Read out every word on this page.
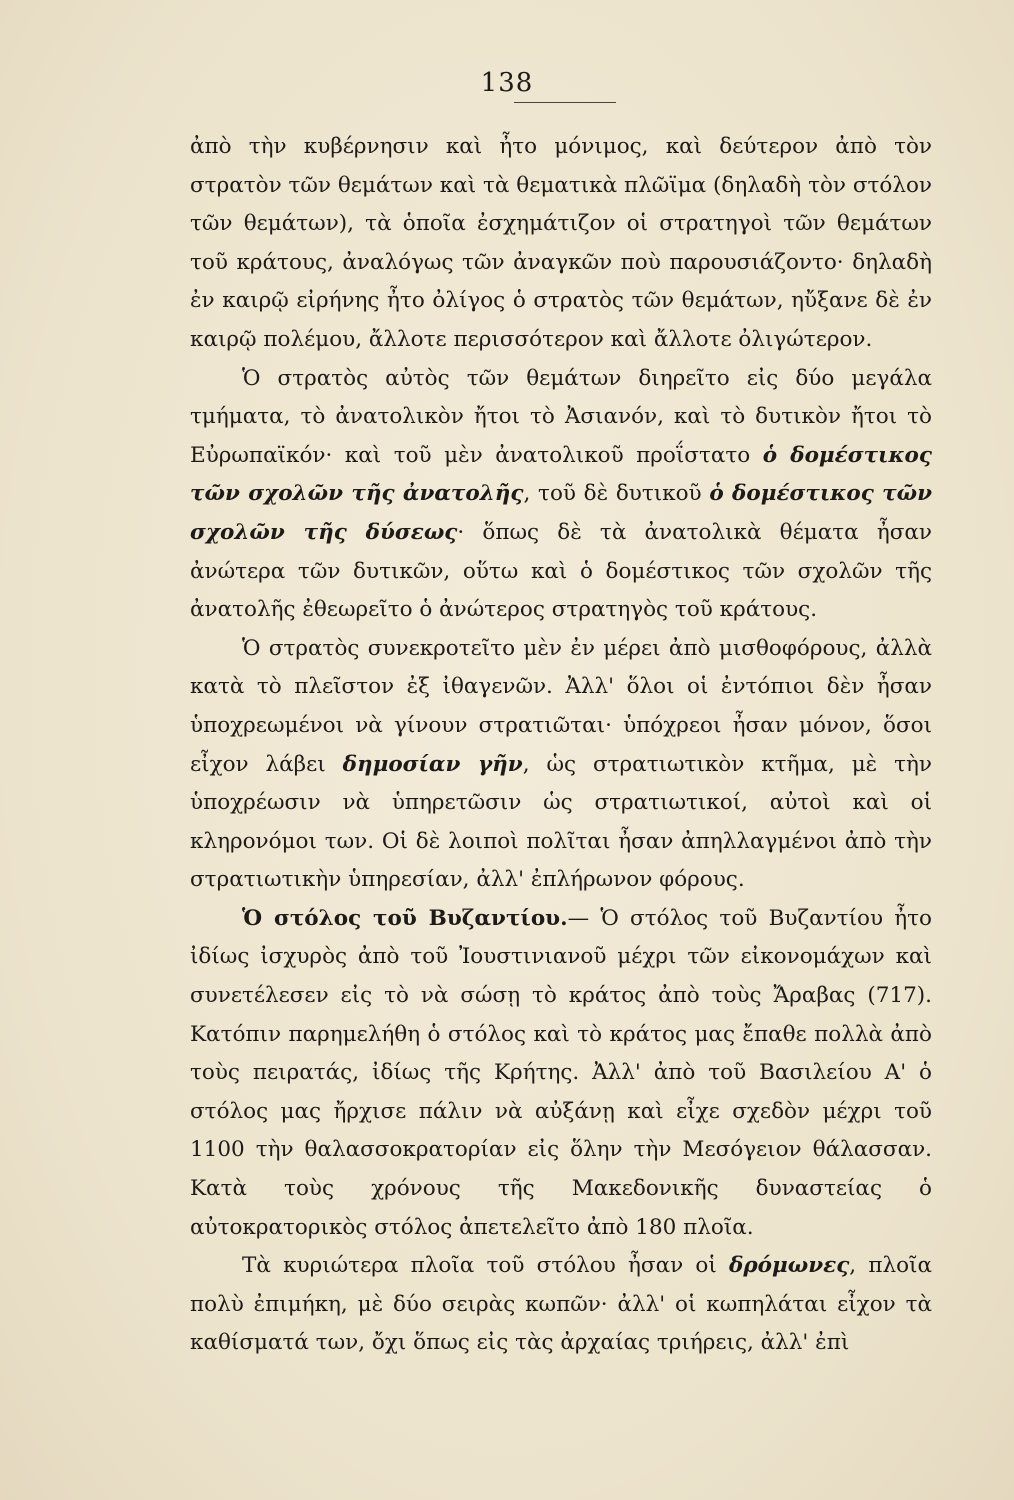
138

ἀπὸ τὴν κυβέρνησιν καὶ ἦτο μόνιμος, καὶ δεύτερον ἀπὸ τὸν στρατὸν τῶν θεμάτων καὶ τὰ θεματικὰ πλῶϊμα (δηλαδὴ τὸν στόλον τῶν θεμάτων), τὰ ὁποῖα ἐσχημάτιζον οἱ στρατηγοὶ τῶν θεμάτων τοῦ κράτους, ἀναλόγως τῶν ἀναγκῶν ποὺ παρουσιάζοντο· δηλαδὴ ἐν καιρῷ εἰρήνης ἦτο ὀλίγος ὁ στρατὸς τῶν θεμάτων, ηὔξανε δὲ ἐν καιρῷ πολέμου, ἄλλοτε περισσότερον καὶ ἄλλοτε ὀλιγώτερον.

Ὁ στρατὸς αὐτὸς τῶν θεμάτων διηρεῖτο εἰς δύο μεγάλα τμήματα, τὸ ἀνατολικὸν ἤτοι τὸ Ἀσιανόν, καὶ τὸ δυτικὸν ἤτοι τὸ Εὐρωπαϊκόν· καὶ τοῦ μὲν ἀνατολικοῦ προΐστατο ὁ δομέστικος τῶν σχολῶν τῆς ἀνατολῆς, τοῦ δὲ δυτικοῦ ὁ δομέστικος τῶν σχολῶν τῆς δύσεως· ὅπως δὲ τὰ ἀνατολικὰ θέματα ἦσαν ἀνώτερα τῶν δυτικῶν, οὕτω καὶ ὁ δομέστικος τῶν σχολῶν τῆς ἀνατολῆς ἐθεωρεῖτο ὁ ἀνώτερος στρατηγὸς τοῦ κράτους.

Ὁ στρατὸς συνεκροτεῖτο μὲν ἐν μέρει ἀπὸ μισθοφόρους, ἀλλὰ κατὰ τὸ πλεῖστον ἐξ ἰθαγενῶν. Ἀλλ' ὅλοι οἱ ἐντόπιοι δὲν ἦσαν ὑποχρεωμένοι νὰ γίνουν στρατιῶται· ὑπόχρεοι ἦσαν μόνον, ὅσοι εἶχον λάβει δημοσίαν γῆν, ὡς στρατιωτικὸν κτῆμα, μὲ τὴν ὑποχρέωσιν νὰ ὑπηρετῶσιν ὡς στρατιωτικοί, αὐτοὶ καὶ οἱ κληρονόμοι των. Οἱ δὲ λοιποὶ πολῖται ἦσαν ἀπηλλαγμένοι ἀπὸ τὴν στρατιωτικὴν ὑπηρεσίαν, ἀλλ' ἐπλήρωνον φόρους.

Ὁ στόλος τοῦ Βυζαντίου.— Ὁ στόλος τοῦ Βυζαντίου ἦτο ἰδίως ἰσχυρὸς ἀπὸ τοῦ Ἰουστινιανοῦ μέχρι τῶν εἰκονομάχων καὶ συνετέλεσεν εἰς τὸ νὰ σώσῃ τὸ κράτος ἀπὸ τοὺς Ἄραβας (717). Κατόπιν παρημελήθη ὁ στόλος καὶ τὸ κράτος μας ἔπαθε πολλὰ ἀπὸ τοὺς πειρατάς, ἰδίως τῆς Κρήτης. Ἀλλ' ἀπὸ τοῦ Βασιλείου Α' ὁ στόλος μας ἤρχισε πάλιν νὰ αὐξάνῃ καὶ εἶχε σχεδὸν μέχρι τοῦ 1100 τὴν θαλασσοκρατορίαν εἰς ὅλην τὴν Μεσόγειον θάλασσαν. Κατὰ τοὺς χρόνους τῆς Μακεδονικῆς δυναστείας ὁ αὐτοκρατορικὸς στόλος ἀπετελεῖτο ἀπὸ 180 πλοῖα.

Τὰ κυριώτερα πλοῖα τοῦ στόλου ἦσαν οἱ δρόμωνες, πλοῖα πολὺ ἐπιμήκη, μὲ δύο σειρὰς κωπῶν· ἀλλ' οἱ κωπηλάται εἶχον τὰ καθίσματά των, ὄχι ὅπως εἰς τὰς ἀρχαίας τριήρεις, ἀλλ' ἐπὶ
